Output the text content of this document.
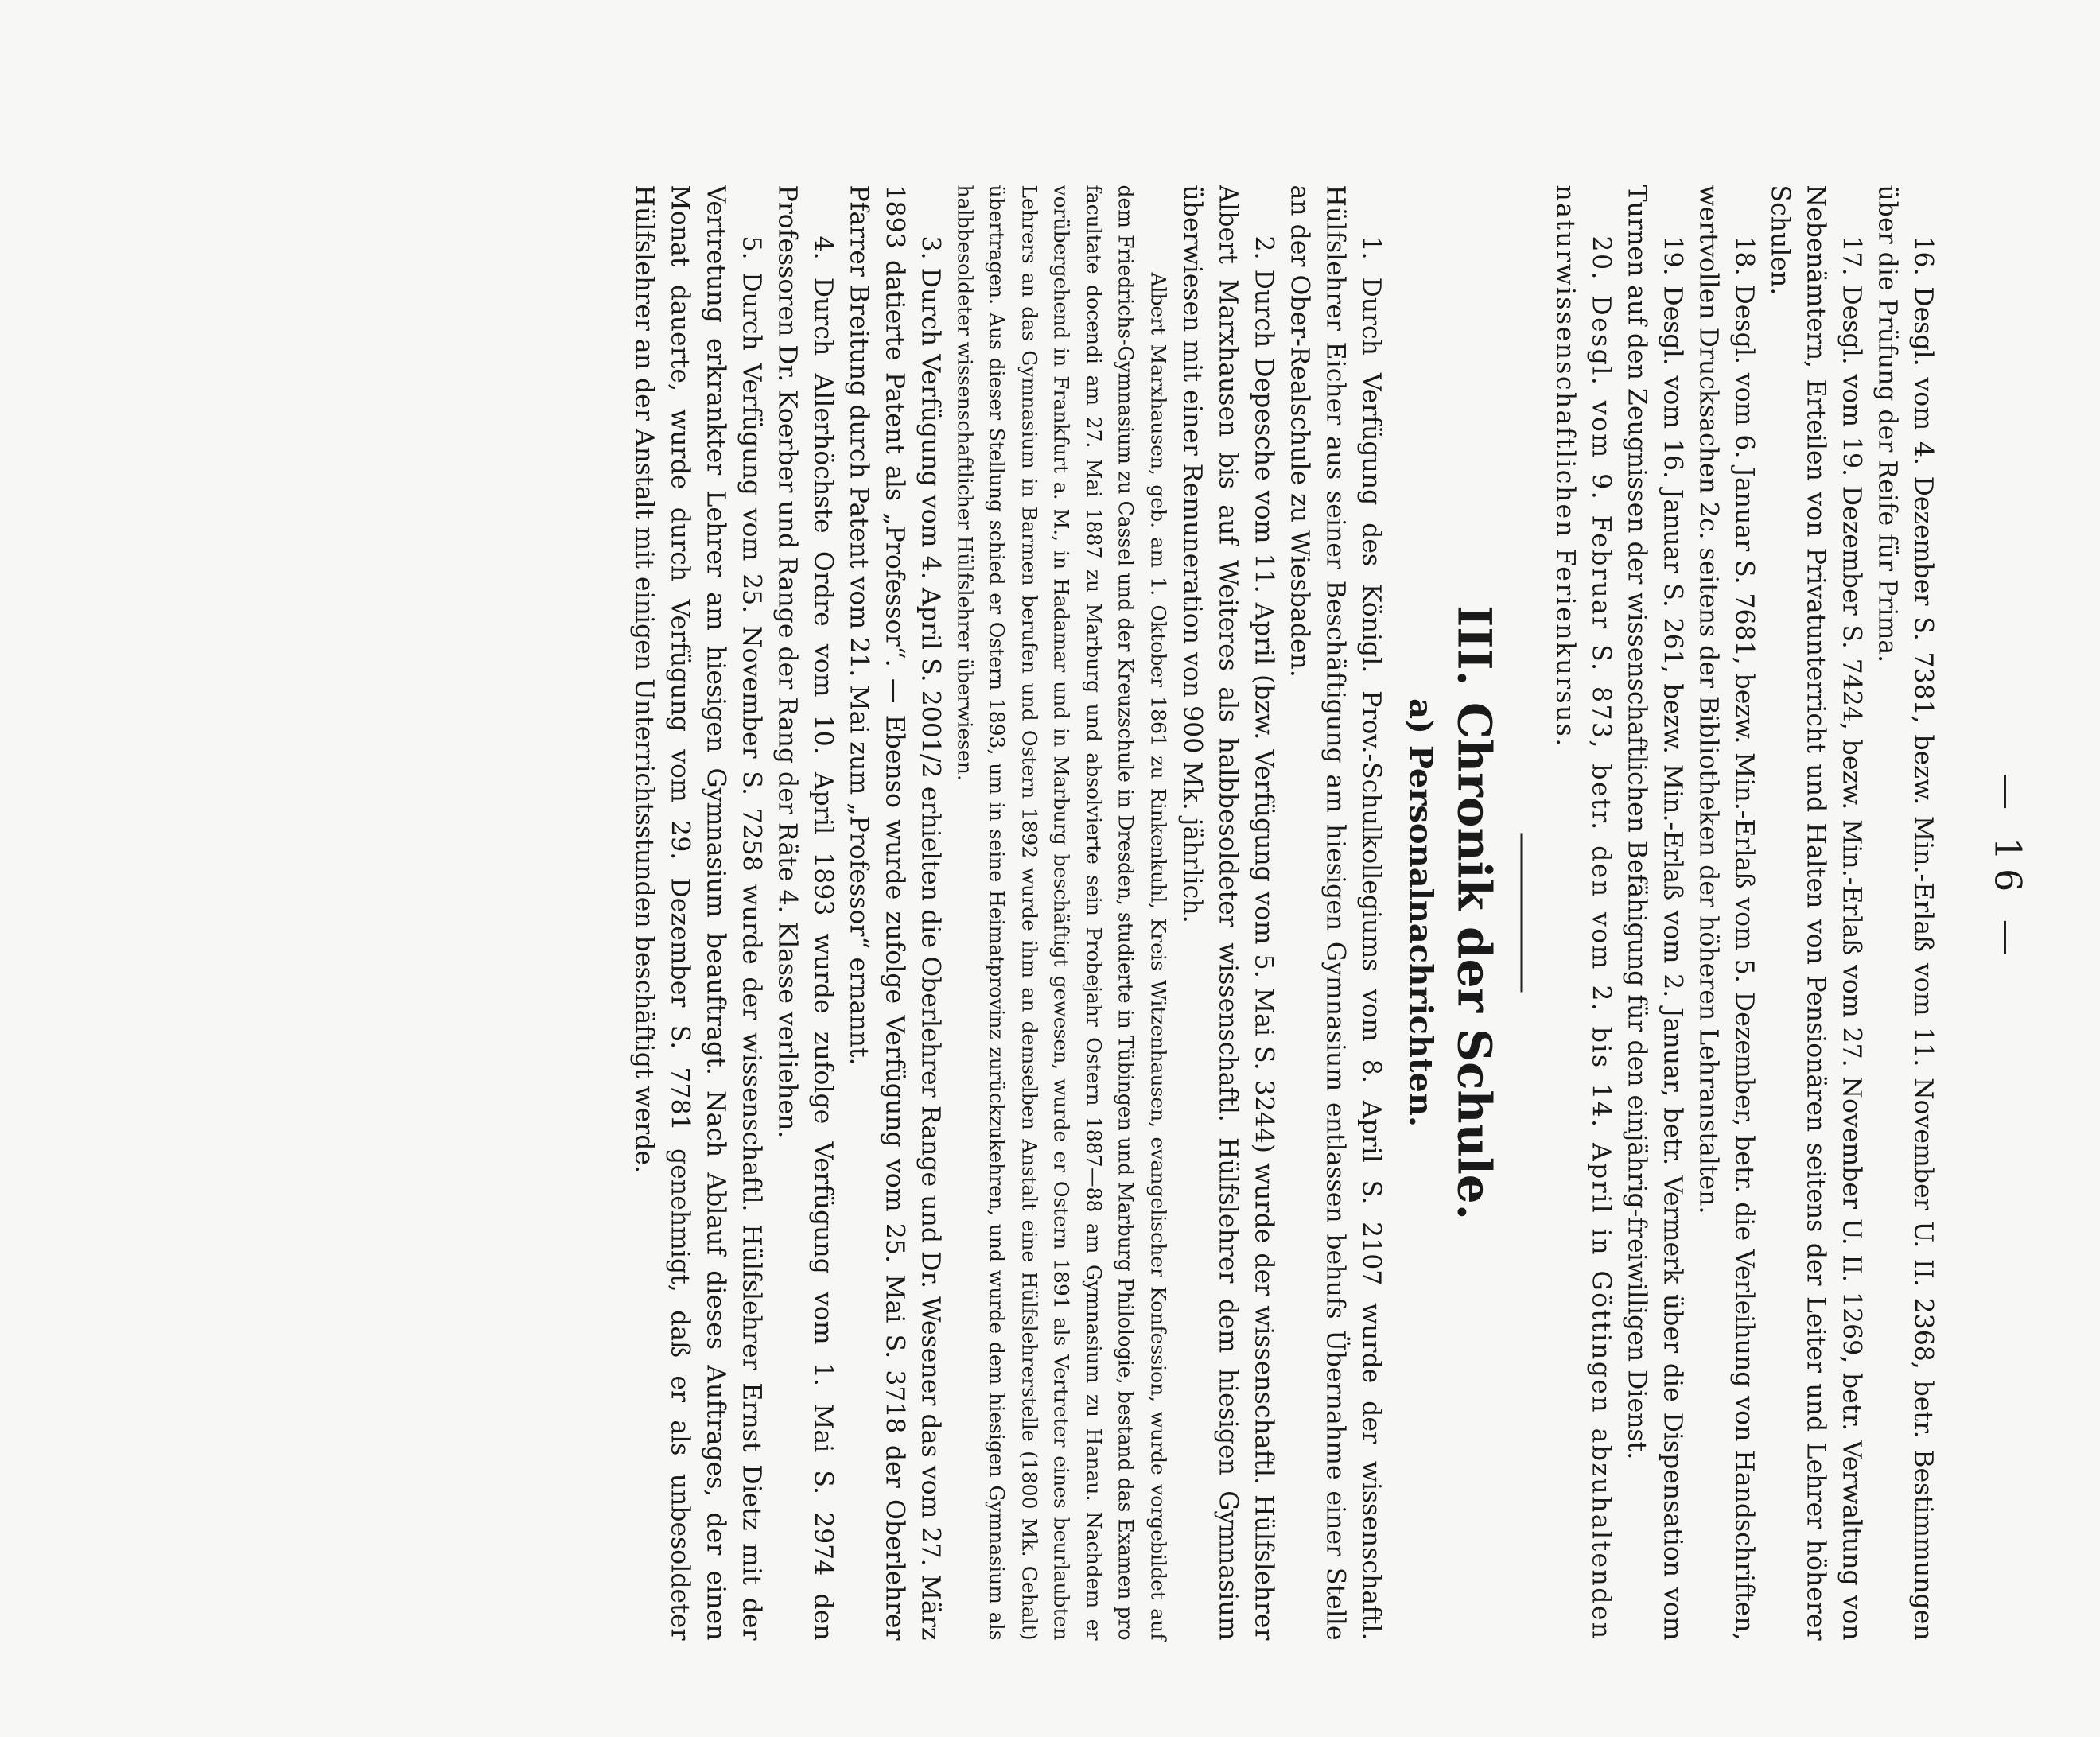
— 16 —

16. Desgl. vom 4. Dezember S. 7381, bezw. Min.-Erlaß vom 11. November U. II. 2368, betr. Bestimmungen über die Prüfung der Reife für Prima.

17. Desgl. vom 19. Dezember S. 7424, bezw. Min.-Erlaß vom 27. November U. II. 1269, betr. Verwaltung von Nebenämtern, Erteilen von Privatunterricht und Halten von Pensionären seitens der Leiter und Lehrer höherer Schulen.

18. Desgl. vom 6. Januar S. 7681, bezw. Min.-Erlaß vom 5. Dezember, betr. die Verleihung von Handschriften, wertvollen Drucksachen 2c. seitens der Bibliotheken der höheren Lehranstalten.

19. Desgl. vom 16. Januar S. 261, bezw. Min.-Erlaß vom 2. Januar, betr. Vermerk über die Dispensation vom Turnen auf den Zeugnissen der wissenschaftlichen Befähigung für den einjährig-freiwilligen Dienst.

20. Desgl. vom 9. Februar S. 873, betr. den vom 2. bis 14. April in Göttingen abzuhaltenden naturwissenschaftlichen Ferienkursus.

III. Chronik der Schule.
a) Personalnachrichten.

1. Durch Verfügung des Königl. Prov.-Schulkollegiums vom 8. April S. 2107 wurde der wissenschaftl. Hülfslehrer Eicher aus seiner Beschäftigung am hiesigen Gymnasium entlassen behufs Übernahme einer Stelle an der Ober-Realschule zu Wiesbaden.

2. Durch Depesche vom 11. April (bzw. Verfügung vom 5. Mai S. 3244) wurde der wissenschaftl. Hülfslehrer Albert Marxhausen bis auf Weiteres als halbbesoldeter wissenschaftl. Hülfslehrer dem hiesigen Gymnasium überwiesen mit einer Remuneration von 900 Mk. jährlich.

Albert Marxhausen, geb. am 1. Oktober 1861 zu Rinkenkuhl, Kreis Witzenhausen, evangelischer Konfession, wurde vorgebildet auf dem Friedrichs-Gymnasium zu Cassel und der Kreuzschule in Dresden, studierte in Tübingen und Marburg Philologie, bestand das Examen pro facultate docendi am 27. Mai 1887 zu Marburg und absolvierte sein Probejahr Ostern 1887—88 am Gymnasium zu Hanau. Nachdem er vorübergehend in Frankfurt a. M., in Hadamar und in Marburg beschäftigt gewesen, wurde er Ostern 1891 als Vertreter eines beurlaubten Lehrers an das Gymnasium in Barmen berufen und Ostern 1892 wurde ihm an demselben Anstalt eine Hülfslehrerstelle (1800 Mk. Gehalt) übertragen. Aus dieser Stellung schied er Ostern 1893, um in seine Heimatprovinz zurückzukehren, und wurde dem hiesigen Gymnasium als halbbesoldeter wissenschaftlicher Hülfslehrer überwiesen.

3. Durch Verfügung vom 4. April S. 2001/2 erhielten die Oberlehrer Range und Dr. Wesener das vom 27. März 1893 datierte Patent als „Professor“. — Ebenso wurde zufolge Verfügung vom 25. Mai S. 3718 der Oberlehrer Pfarrer Breitung durch Patent vom 21. Mai zum „Professor“ ernannt.

4. Durch Allerhöchste Ordre vom 10. April 1893 wurde zufolge Verfügung vom 1. Mai S. 2974 den Professoren Dr. Koerber und Range der Rang der Räte 4. Klasse verliehen.

5. Durch Verfügung vom 25. November S. 7258 wurde der wissenschaftl. Hülfslehrer Ernst Dietz mit der Vertretung erkrankter Lehrer am hiesigen Gymnasium beauftragt. Nach Ablauf dieses Auftrages, der einen Monat dauerte, wurde durch Verfügung vom 29. Dezember S. 7781 genehmigt, daß er als unbesoldeter Hülfslehrer an der Anstalt mit einigen Unterrichtsstunden beschäftigt werde.
